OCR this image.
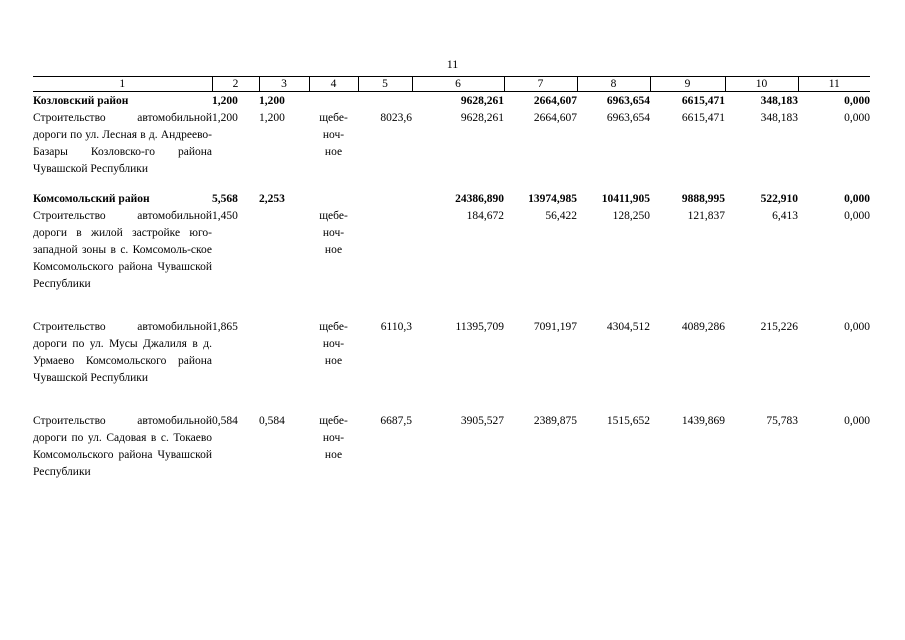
11
1	2	3	4	5	6	7	8	9	10	11
Козловский район	1,200	1,200			9628,261	2664,607	6963,654	6615,471	348,183	0,000
Строительство автомобильной дороги по ул. Лесная в д. Андреево-Базары Козловско-го района Чувашской Республики	1,200	1,200	щебе-
ноч-
ное	8023,6	9628,261	2664,607	6963,654	6615,471	348,183	0,000

Комсомольский район	5,568	2,253			24386,890	13974,985	10411,905	9888,995	522,910	0,000
Строительство автомобильной дороги в жилой застройке юго-западной зоны в с. Комсомоль-ское Комсомольского района Чувашской Республики	1,450		щебе-
ноч-
ное		184,672	56,422	128,250	121,837	6,413	0,000

Строительство автомобильной дороги по ул. Мусы Джалиля в д. Урмаево Комсомольского района Чувашской Республики	1,865		щебе-
ноч-
ное	6110,3	11395,709	7091,197	4304,512	4089,286	215,226	0,000

Строительство автомобильной дороги по ул. Садовая в с. Токаево Комсомольского района Чувашской Республики	0,584	0,584	щебе-
ноч-
ное	6687,5	3905,527	2389,875	1515,652	1439,869	75,783	0,000
